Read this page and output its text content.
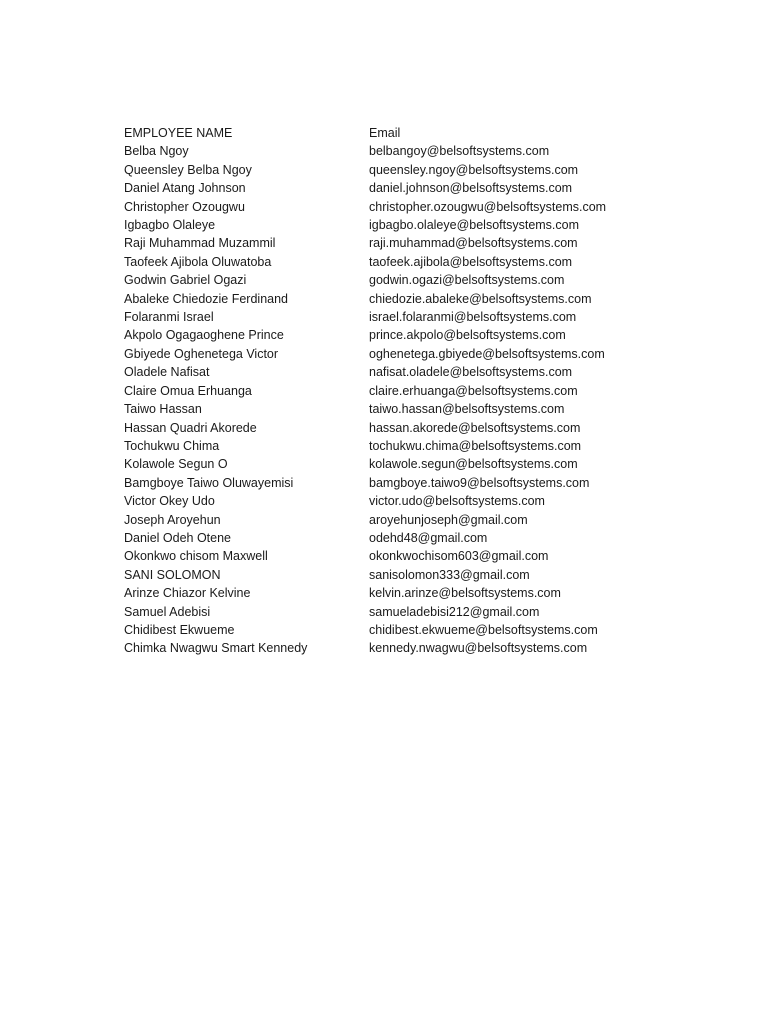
EMPLOYEE NAME	Email
Belba Ngoy	belbangoy@belsoftsystems.com
Queensley Belba Ngoy	queensley.ngoy@belsoftsystems.com
Daniel Atang Johnson	daniel.johnson@belsoftsystems.com
Christopher Ozougwu	christopher.ozougwu@belsoftsystems.com
Igbagbo Olaleye	igbagbo.olaleye@belsoftsystems.com
Raji Muhammad Muzammil	raji.muhammad@belsoftsystems.com
Taofeek Ajibola Oluwatoba	taofeek.ajibola@belsoftsystems.com
Godwin Gabriel Ogazi	godwin.ogazi@belsoftsystems.com
Abaleke Chiedozie Ferdinand	chiedozie.abaleke@belsoftsystems.com
Folaranmi Israel	israel.folaranmi@belsoftsystems.com
Akpolo Ogagaoghene Prince	prince.akpolo@belsoftsystems.com
Gbiyede Oghenetega Victor	oghenetega.gbiyede@belsoftsystems.com
Oladele Nafisat	nafisat.oladele@belsoftsystems.com
Claire Omua Erhuanga	claire.erhuanga@belsoftsystems.com
Taiwo Hassan	taiwo.hassan@belsoftsystems.com
Hassan Quadri Akorede	hassan.akorede@belsoftsystems.com
Tochukwu Chima	tochukwu.chima@belsoftsystems.com
Kolawole Segun O	kolawole.segun@belsoftsystems.com
Bamgboye Taiwo Oluwayemisi	bamgboye.taiwo9@belsoftsystems.com
Victor Okey Udo	victor.udo@belsoftsystems.com
Joseph Aroyehun	aroyehunjoseph@gmail.com
Daniel Odeh Otene	odehd48@gmail.com
Okonkwo chisom Maxwell	okonkwochisom603@gmail.com
SANI SOLOMON	sanisolomon333@gmail.com
Arinze Chiazor Kelvine	kelvin.arinze@belsoftsystems.com
Samuel Adebisi	samueladebisi212@gmail.com
Chidibest Ekwueme	chidibest.ekwueme@belsoftsystems.com
Chimka Nwagwu Smart Kennedy	kennedy.nwagwu@belsoftsystems.com
